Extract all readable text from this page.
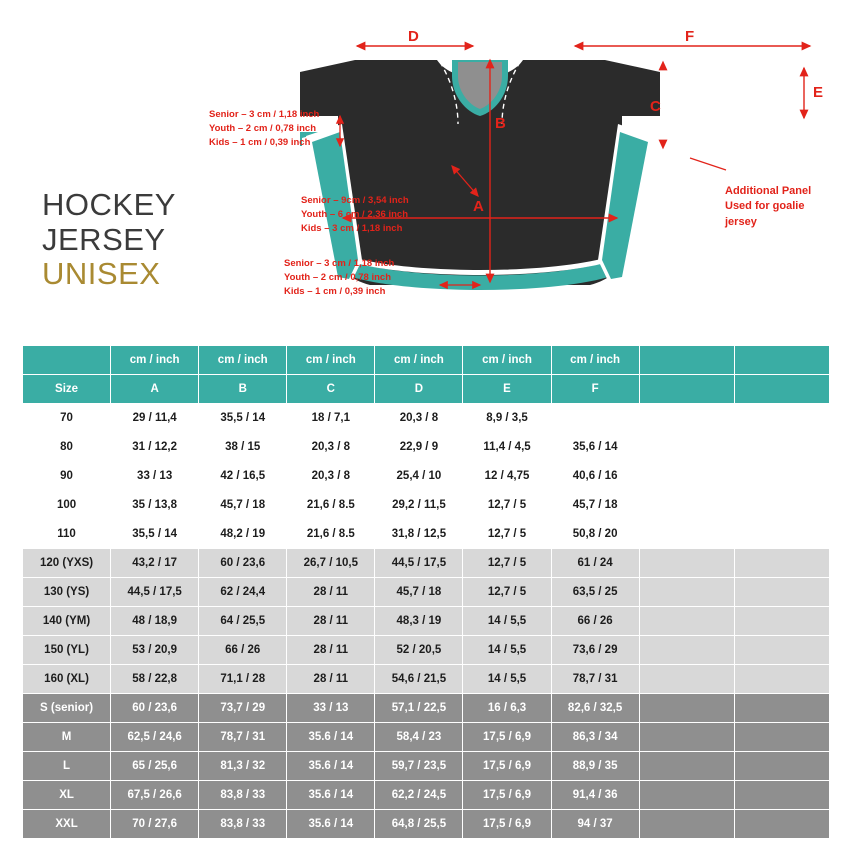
HOCKEY
JERSEY
UNISEX
D	F
B
C
A
E
Senior – 3 cm / 1,18 inch
Youth – 2 cm / 0,78 inch
Kids – 1 cm / 0,39 inch
Senior – 9cm / 3,54 inch
Youth – 6 cm / 2,36 inch
Kids – 3 cm / 1,18 inch
Senior – 3 cm / 1,18 inch
Youth – 2 cm / 0,78 inch
Kids – 1 cm / 0,39 inch
Additional Panel
Used for goalie
jersey
	cm / inch	cm / inch	cm / inch	cm / inch	cm / inch	cm / inch		
Size	A	B	C	D	E	F		
70	29 / 11,4	35,5 / 14	18 / 7,1	20,3 / 8	8,9 / 3,5			
80	31 / 12,2	38 / 15	20,3 / 8	22,9 / 9	11,4 / 4,5	35,6 / 14		
90	33 / 13	42 / 16,5	20,3 / 8	25,4 / 10	12 / 4,75	40,6 / 16		
100	35 / 13,8	45,7 / 18	21,6 / 8.5	29,2 / 11,5	12,7 / 5	45,7 / 18		
110	35,5 / 14	48,2 / 19	21,6 / 8.5	31,8 / 12,5	12,7 / 5	50,8 / 20		
120 (YXS)	43,2 / 17	60 / 23,6	26,7 / 10,5	44,5 / 17,5	12,7 / 5	61 / 24		
130 (YS)	44,5 / 17,5	62 / 24,4	28 / 11	45,7 / 18	12,7 / 5	63,5 / 25		
140 (YM)	48 / 18,9	64 / 25,5	28 / 11	48,3 / 19	14 / 5,5	66 / 26		
150 (YL)	53 / 20,9	66 / 26	28 / 11	52 / 20,5	14 / 5,5	73,6 / 29		
160 (XL)	58 / 22,8	71,1 / 28	28 / 11	54,6 / 21,5	14 / 5,5	78,7 / 31		
S (senior)	60 / 23,6	73,7 / 29	33 / 13	57,1 / 22,5	16 / 6,3	82,6 / 32,5		
M	62,5 / 24,6	78,7 / 31	35.6 / 14	58,4 / 23	17,5 / 6,9	86,3 / 34		
L	65 / 25,6	81,3 / 32	35.6 / 14	59,7 / 23,5	17,5 / 6,9	88,9 / 35		
XL	67,5 / 26,6	83,8 / 33	35.6 / 14	62,2 / 24,5	17,5 / 6,9	91,4 / 36		
XXL	70 / 27,6	83,8 / 33	35.6 / 14	64,8 / 25,5	17,5 / 6,9	94 / 37		
